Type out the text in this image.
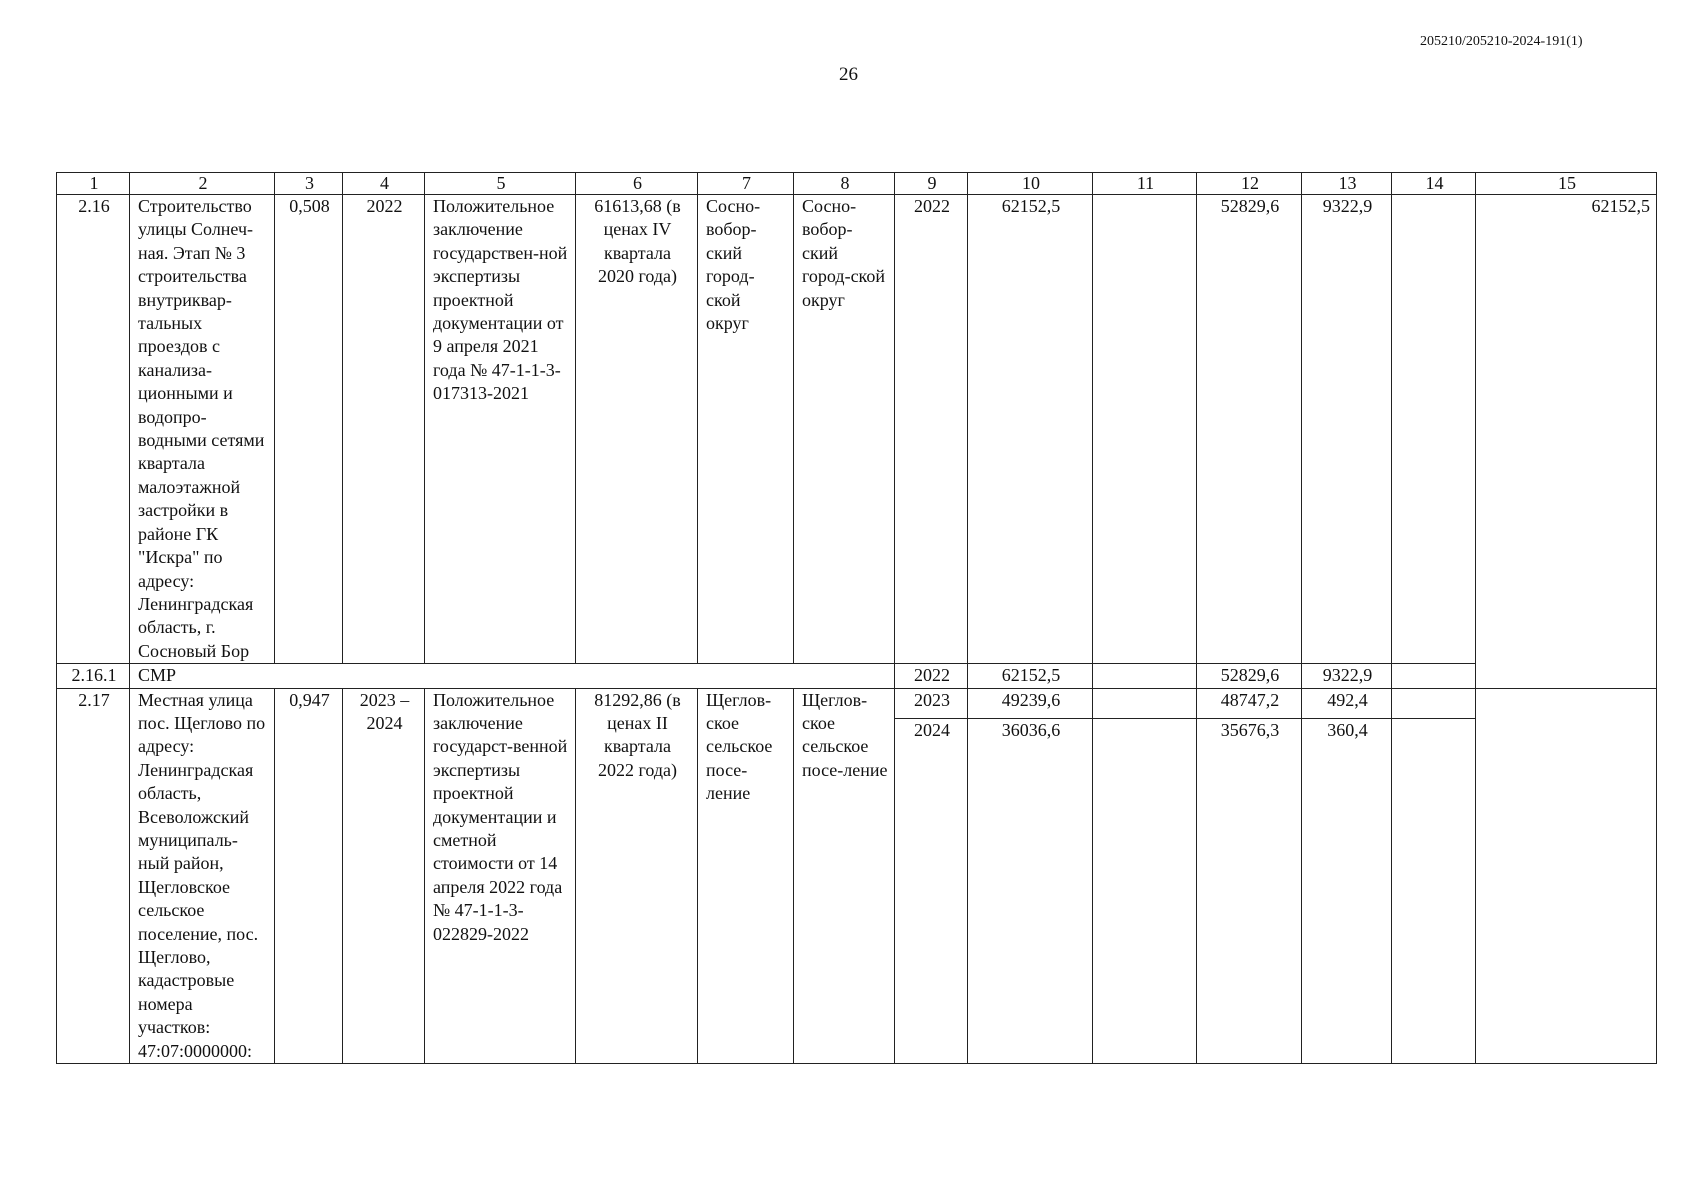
205210/205210-2024-191(1)
26
1	2	3	4	5	6	7	8	9	10	11	12	13	14	15
2.16	Строительство улицы Солнеч-ная. Этап № 3 строительства внутриквар-тальных проездов с канализа-ционными и водопро-водными сетями квартала малоэтажной застройки в районе ГК "Искра" по адресу: Ленинградская область, г. Сосновый Бор	0,508	2022	Положительное заключение государствен-ной экспертизы проектной документации от 9 апреля 2021 года № 47-1-1-3-017313-2021	61613,68 (в ценах IV квартала 2020 года)	Сосно-вобор-ский город-ской округ	Сосно-вобор-ский город-ской округ	2022	62152,5		52829,6	9322,9		62152,5
2.16.1	СМР							2022	62152,5		52829,6	9322,9		
2.17	Местная улица пос. Щеглово по адресу: Ленинградская область, Всеволожский муниципаль-ный район, Щегловское сельское поселение, пос. Щеглово, кадастровые номера участков: 47:07:0000000:	0,947	2023 – 2024	Положительное заключение государст-венной экспертизы проектной документации и сметной стоимости от 14 апреля 2022 года № 47-1-1-3-022829-2022	81292,86 (в ценах II квартала 2022 года)	Щеглов-ское сельское посе-ление	Щеглов-ское сельское посе-ление	2023	49239,6		48747,2	492,4		
								2024	36036,6		35676,3	360,4		
